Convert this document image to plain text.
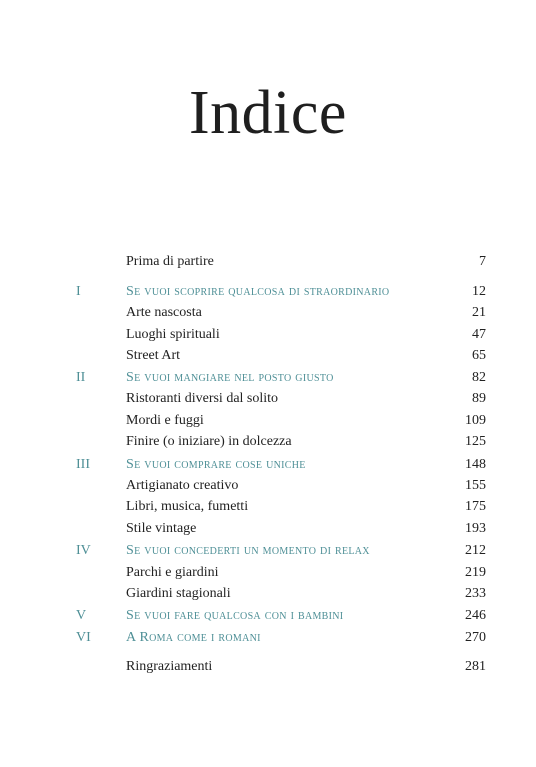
Indice
Prima di partire	7
I	Se vuoi scoprire qualcosa di straordinario	12
Arte nascosta	21
Luoghi spirituali	47
Street Art	65
II	Se vuoi mangiare nel posto giusto	82
Ristoranti diversi dal solito	89
Mordi e fuggi	109
Finire (o iniziare) in dolcezza	125
III	Se vuoi comprare cose uniche	148
Artigianato creativo	155
Libri, musica, fumetti	175
Stile vintage	193
IV	Se vuoi concederti un momento di relax	212
Parchi e giardini	219
Giardini stagionali	233
V	Se vuoi fare qualcosa con i bambini	246
VI	A Roma come i romani	270
Ringraziamenti	281
